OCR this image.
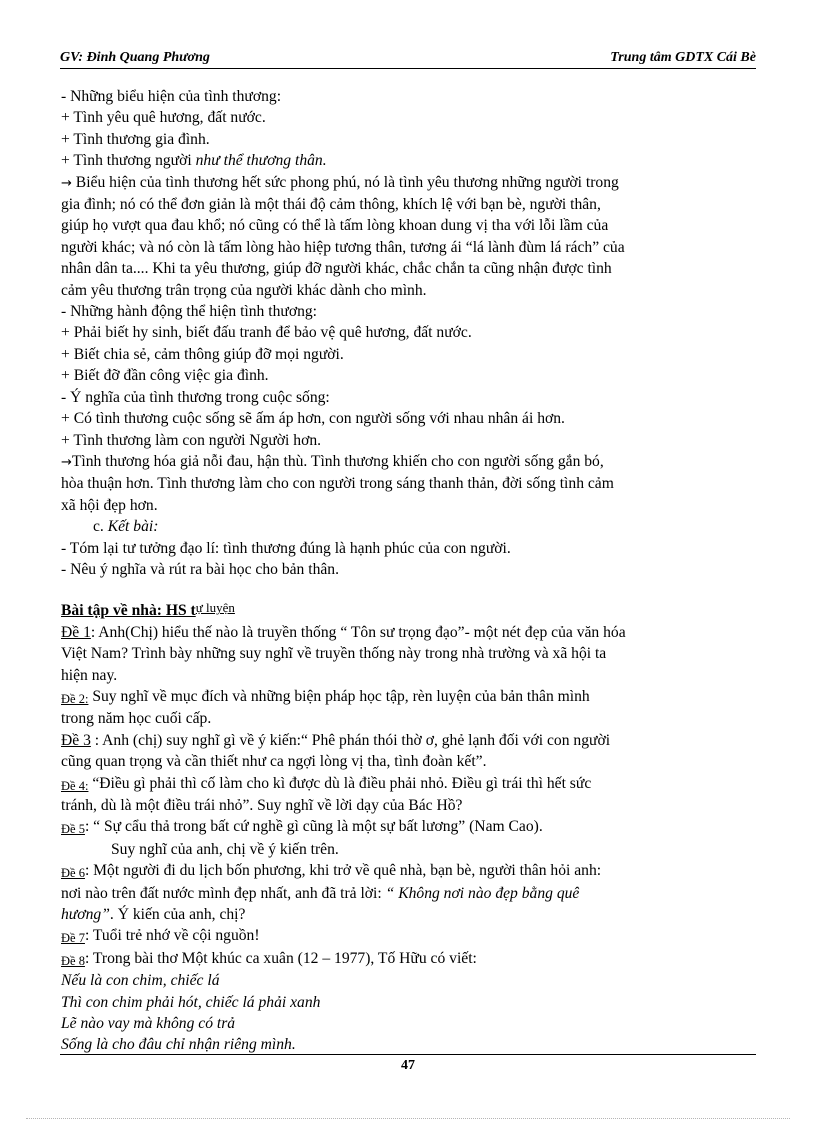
GV: Đinh Quang Phương	Trung tâm GDTX Cái Bè
- Những biểu hiện của tình thương:
+ Tình yêu quê hương, đất nước.
+ Tình thương gia đình.
+ Tình thương người như thể thương thân.
→ Biểu hiện của tình thương hết sức phong phú, nó là tình yêu thương những người trong
gia đình; nó có thể đơn giản là một thái độ cảm thông, khích lệ với bạn bè, người thân,
giúp họ vượt qua đau khổ; nó cũng có thể là tấm lòng khoan dung vị tha với lỗi lầm của
người khác; và nó còn là tấm lòng hào hiệp tương thân, tương ái “lá lành đùm lá rách” của
nhân dân ta.... Khi ta yêu thương, giúp đỡ người khác, chắc chắn ta cũng nhận được tình
cảm yêu thương trân trọng của người khác dành cho mình.
- Những hành động thể hiện tình thương:
+ Phải biết hy sinh, biết đấu tranh để bảo vệ quê hương, đất nước.
+ Biết chia sẻ, cảm thông giúp đỡ mọi người.
+ Biết đỡ đần công việc gia đình.
- Ý nghĩa của tình thương trong cuộc sống:
+ Có tình thương cuộc sống sẽ ấm áp hơn, con người sống với nhau nhân ái hơn.
+ Tình thương làm con người Người hơn.
→Tình thương hóa giả nỗi đau, hận thù. Tình thương khiến cho con người sống gắn bó,
hòa thuận hơn. Tình thương làm cho con người trong sáng thanh thản, đời sống tình cảm
xã hội đẹp hơn.
c. Kết bài:
- Tóm lại tư tưởng đạo lí: tình thương đúng là hạnh phúc của con người.
- Nêu ý nghĩa và rút ra bài học cho bản thân.
Bài tập về nhà: HS tự luyện
Đề 1: Anh(Chị) hiểu thế nào là truyền thống “ Tôn sư trọng đạo”- một nét đẹp của văn hóa
Việt Nam? Trình bày những suy nghĩ về truyền thống này trong nhà trường và xã hội ta
hiện nay.
Đề 2: Suy nghĩ về mục đích và những biện pháp học tập, rèn luyện của bản thân mình
trong năm học cuối cấp.
Đề 3 : Anh (chị) suy nghĩ gì về ý kiến:“ Phê phán thói thờ ơ, ghẻ lạnh đối với con người
cũng quan trọng và cần thiết như ca ngợi lòng vị tha, tình đoàn kết”.
Đề 4: “Điều gì phải thì cố làm cho kì được dù là điều phải nhỏ. Điều gì trái thì hết sức
tránh, dù là một điều trái nhỏ”. Suy nghĩ về lời dạy của Bác Hồ?
Đề 5: “ Sự cẩu thả trong bất cứ nghề gì cũng là một sự bất lương” (Nam Cao).
Suy nghĩ của anh, chị về ý kiến trên.
Đề 6: Một người đi du lịch bốn phương, khi trở về quê nhà, bạn bè, người thân hỏi anh:
nơi nào trên đất nước mình đẹp nhất, anh đã trả lời: “ Không nơi nào đẹp bằng quê
hương”. Ý kiến của anh, chị?
Đề 7: Tuổi trẻ nhớ về cội nguồn!
Đề 8: Trong bài thơ Một khúc ca xuân (12 – 1977), Tố Hữu có viết:
Nếu là con chim, chiếc lá
Thì con chim phải hót, chiếc lá phải xanh
Lẽ nào vay mà không có trả
Sống là cho đâu chỉ nhận riêng mình.
47
